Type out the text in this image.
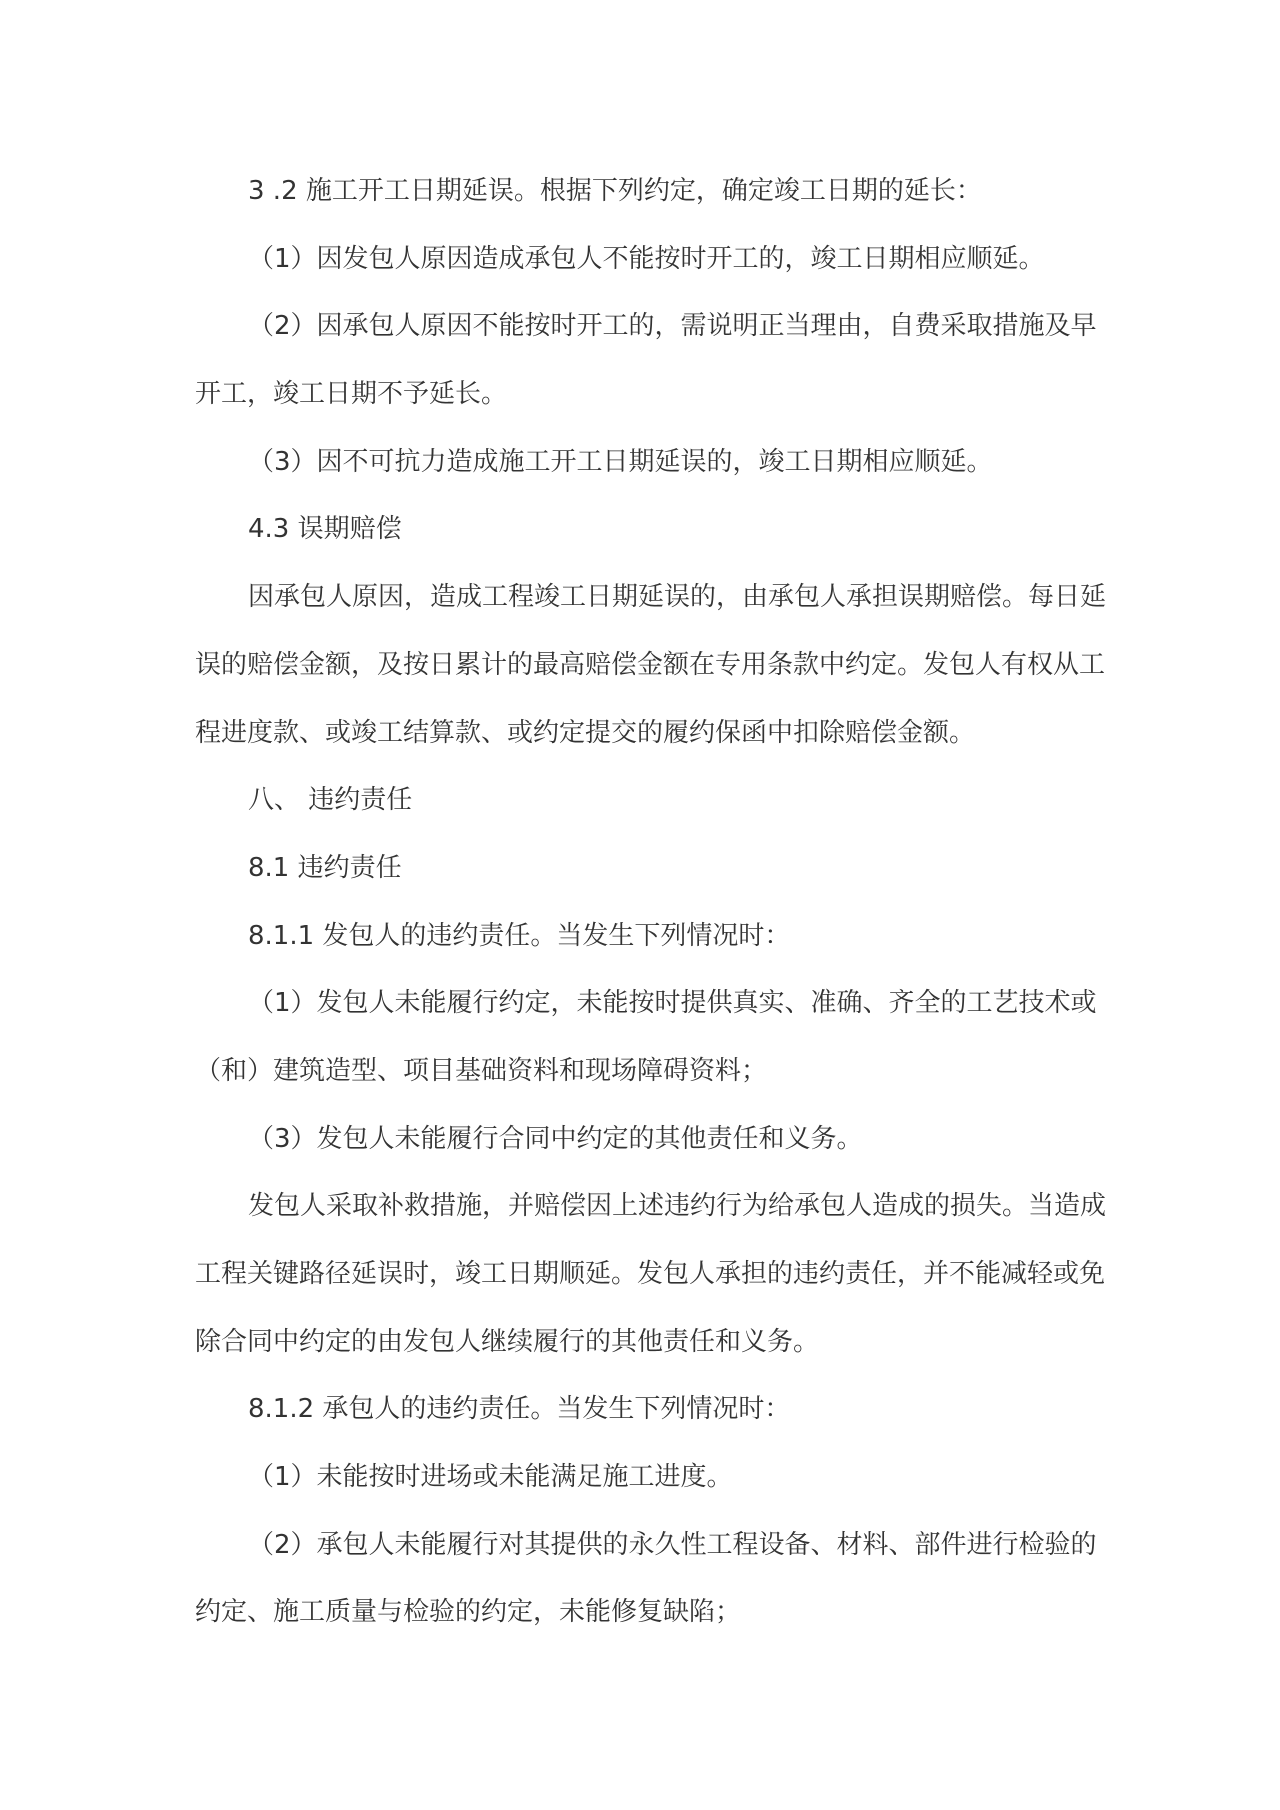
3 .2 施工开工日期延误。根据下列约定，确定竣工日期的延长：
（1）因发包人原因造成承包人不能按时开工的，竣工日期相应顺延。
（2）因承包人原因不能按时开工的，需说明正当理由，自费采取措施及早
开工，竣工日期不予延长。
（3）因不可抗力造成施工开工日期延误的，竣工日期相应顺延。
4.3 误期赔偿
因承包人原因，造成工程竣工日期延误的，由承包人承担误期赔偿。每日延
误的赔偿金额，及按日累计的最高赔偿金额在专用条款中约定。发包人有权从工
程进度款、或竣工结算款、或约定提交的履约保函中扣除赔偿金额。
八、 违约责任
8.1 违约责任
8.1.1 发包人的违约责任。当发生下列情况时：
（1）发包人未能履行约定，未能按时提供真实、准确、齐全的工艺技术或
（和）建筑造型、项目基础资料和现场障碍资料；
（3）发包人未能履行合同中约定的其他责任和义务。
发包人采取补救措施，并赔偿因上述违约行为给承包人造成的损失。当造成
工程关键路径延误时，竣工日期顺延。发包人承担的违约责任，并不能减轻或免
除合同中约定的由发包人继续履行的其他责任和义务。
8.1.2 承包人的违约责任。当发生下列情况时：
（1）未能按时进场或未能满足施工进度。
（2）承包人未能履行对其提供的永久性工程设备、材料、部件进行检验的
约定、施工质量与检验的约定，未能修复缺陷；
